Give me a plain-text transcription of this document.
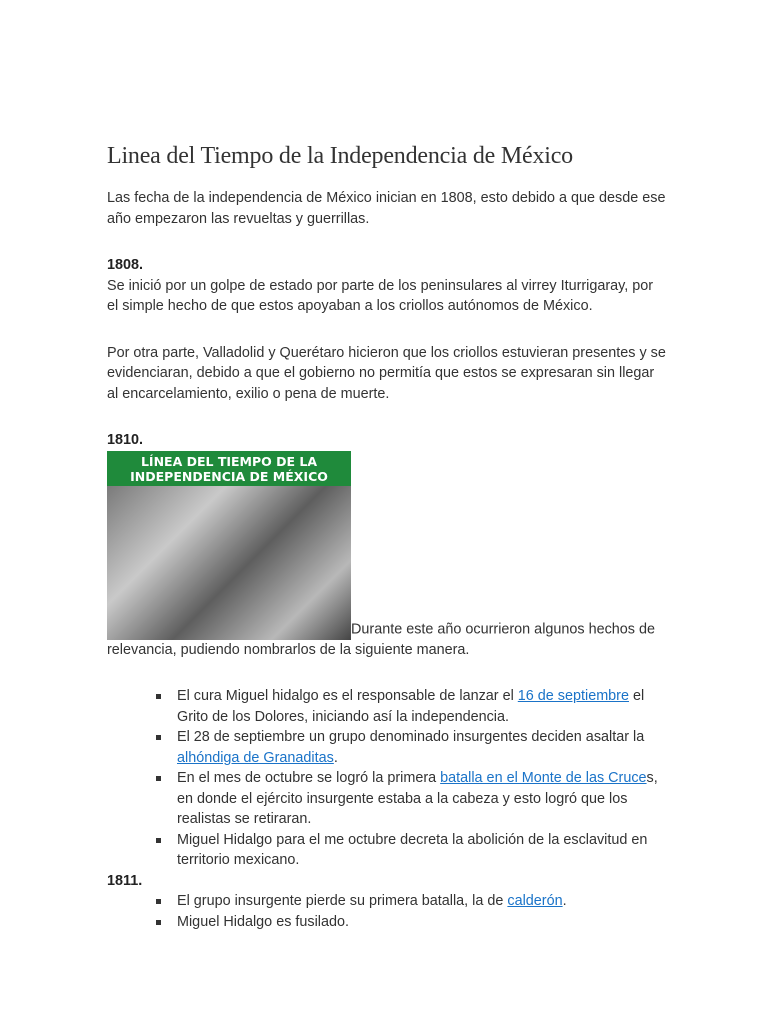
Linea del Tiempo de la Independencia de México

Las fecha de la independencia de México inician en 1808, esto debido a que desde ese año empezaron las revueltas y guerrillas.

1808.

Se inició por un golpe de estado por parte de los peninsulares al virrey Iturrigaray, por el simple hecho de que estos apoyaban a los criollos autónomos de México.

Por otra parte, Valladolid y Querétaro hicieron que los criollos estuvieran presentes y se evidenciaran, debido a que el gobierno no permitía que estos se expresaran sin llegar al encarcelamiento, exilio o pena de muerte.

1810.

LÍNEA DEL TIEMPO DE LA
INDEPENDENCIA DE MÉXICO
Durante este año ocurrieron algunos hechos de relevancia, pudiendo nombrarlos de la siguiente manera.

El cura Miguel hidalgo es el responsable de lanzar el 16 de septiembre el Grito de los Dolores, iniciando así la independencia.
El 28 de septiembre un grupo denominado insurgentes deciden asaltar la alhóndiga de Granaditas.
En el mes de octubre se logró la primera batalla en el Monte de las Cruces, en donde el ejército insurgente estaba a la cabeza y esto logró que los realistas se retiraran.
Miguel Hidalgo para el me octubre decreta la abolición de la esclavitud en territorio mexicano.
1811.
El grupo insurgente pierde su primera batalla, la de calderón.
Miguel Hidalgo es fusilado.
